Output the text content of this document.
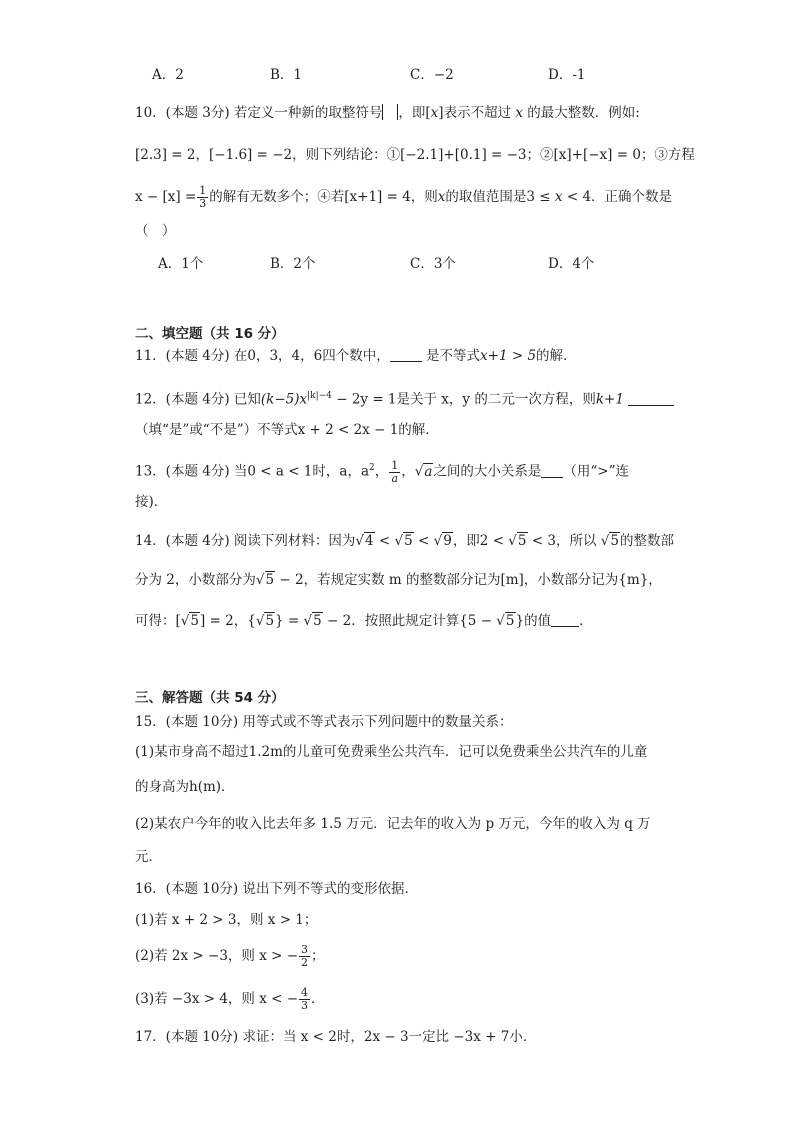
A．2	B．1	C．−2	D．-1
10．(本题 3分) 若定义一种新的取整符号 ，即[x]表示不超过 x 的最大整数．例如:
[2.3] = 2，[−1.6] = −2，则下列结论：①[−2.1]+[0.1] = −3；②[x]+[−x] = 0；③方程
$x - [x] = \frac{1}{3}$ 的解有无数多个；④若[x+1] = 4，则x的取值范围是3 ≤ x < 4．正确个数是
（　）
A．1个	B．2个	C．3个	D．4个
二、填空题（共 16 分）
11．(本题 4分) 在0，3，4，6四个数中， 是不等式x+1 > 5的解．
12．(本题 4分) 已知$(k-5)x^{|k|-4} - 2y = 1$是关于 x，y 的二元一次方程，则k+1
（填“是”或“不是”）不等式x + 2 < 2x − 1的解．
13．(本题 4分) 当0 < a < 1时，a，$a^2$， $\frac{1}{a}$ ，√a之间的大小关系是 （用“>”连
接)．
14．(本题 4分) 阅读下列材料：因为√4 < √5 < √9，即2 < √5 < 3，所以 √5的整数部
分为 2，小数部分为√5 − 2，若规定实数 m 的整数部分记为[m]，小数部分记为{m}，
可得：[√5] = 2，{√5} = √5 − 2．按照此规定计算{5 − √5}的值 ．
三、解答题（共 54 分）
15．(本题 10分) 用等式或不等式表示下列问题中的数量关系：
(1)某市身高不超过1.2m的儿童可免费乘坐公共汽车．记可以免费乘坐公共汽车的儿童
的身高为h(m)．
(2)某农户今年的收入比去年多 1.5 万元．记去年的收入为 p 万元，今年的收入为 q 万
元．
16．(本题 10分) 说出下列不等式的变形依据．
(1)若 x + 2 > 3，则 x > 1；
(2)若 2x > −3，则 x > − $\frac{3}{2}$ ；
(3)若 −3x > 4，则 x < − $\frac{4}{3}$ ．
17．(本题 10分) 求证：当 x < 2时，2x − 3一定比 −3x + 7小．
